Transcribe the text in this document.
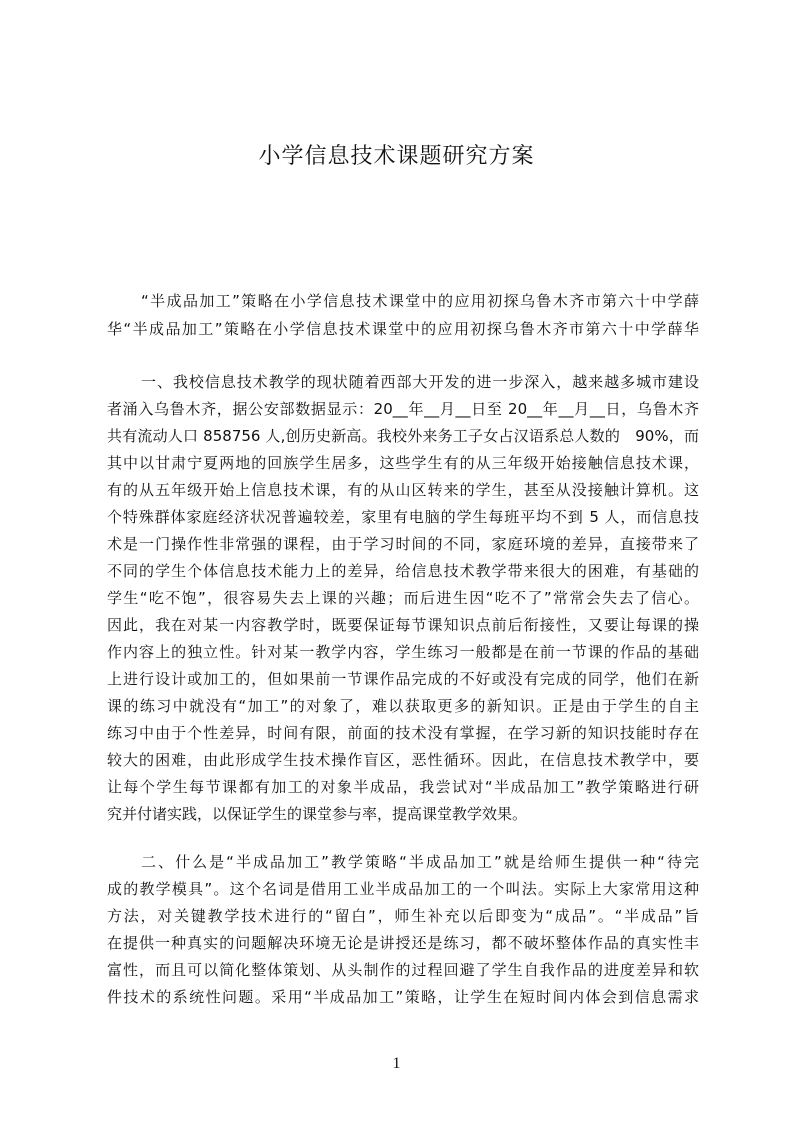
小学信息技术课题研究方案
“半成品加工”策略在小学信息技术课堂中的应用初探乌鲁木齐市第六十中学薛
华“半成品加工”策略在小学信息技术课堂中的应用初探乌鲁木齐市第六十中学薛华
一、我校信息技术教学的现状随着西部大开发的进一步深入，越来越多城市建设
者涌入乌鲁木齐，据公安部数据显示：20__年__月__日至 20__年__月__日，乌鲁木齐
共有流动人口 858756 人,创历史新高。我校外来务工子女占汉语系总人数的　90%，而
其中以甘肃宁夏两地的回族学生居多，这些学生有的从三年级开始接触信息技术课，
有的从五年级开始上信息技术课，有的从山区转来的学生，甚至从没接触计算机。这
个特殊群体家庭经济状况普遍较差，家里有电脑的学生每班平均不到 5 人，而信息技
术是一门操作性非常强的课程，由于学习时间的不同，家庭环境的差异，直接带来了
不同的学生个体信息技术能力上的差异，给信息技术教学带来很大的困难，有基础的
学生“吃不饱”，很容易失去上课的兴趣；而后进生因“吃不了”常常会失去了信心。
因此，我在对某一内容教学时，既要保证每节课知识点前后衔接性，又要让每课的操
作内容上的独立性。针对某一教学内容，学生练习一般都是在前一节课的作品的基础
上进行设计或加工的，但如果前一节课作品完成的不好或没有完成的同学，他们在新
课的练习中就没有“加工”的对象了，难以获取更多的新知识。正是由于学生的自主
练习中由于个性差异，时间有限，前面的技术没有掌握，在学习新的知识技能时存在
较大的困难，由此形成学生技术操作盲区，恶性循环。因此，在信息技术教学中，要
让每个学生每节课都有加工的对象半成品，我尝试对“半成品加工”教学策略进行研
究并付诸实践，以保证学生的课堂参与率，提高课堂教学效果。
二、什么是“半成品加工”教学策略“半成品加工”就是给师生提供一种“待完
成的教学模具”。这个名词是借用工业半成品加工的一个叫法。实际上大家常用这种
方法，对关键教学技术进行的“留白”，师生补充以后即变为“成品”。“半成品”旨
在提供一种真实的问题解决环境无论是讲授还是练习，都不破坏整体作品的真实性丰
富性，而且可以简化整体策划、从头制作的过程回避了学生自我作品的进度差异和软
件技术的系统性问题。采用“半成品加工”策略，让学生在短时间内体会到信息需求
1
